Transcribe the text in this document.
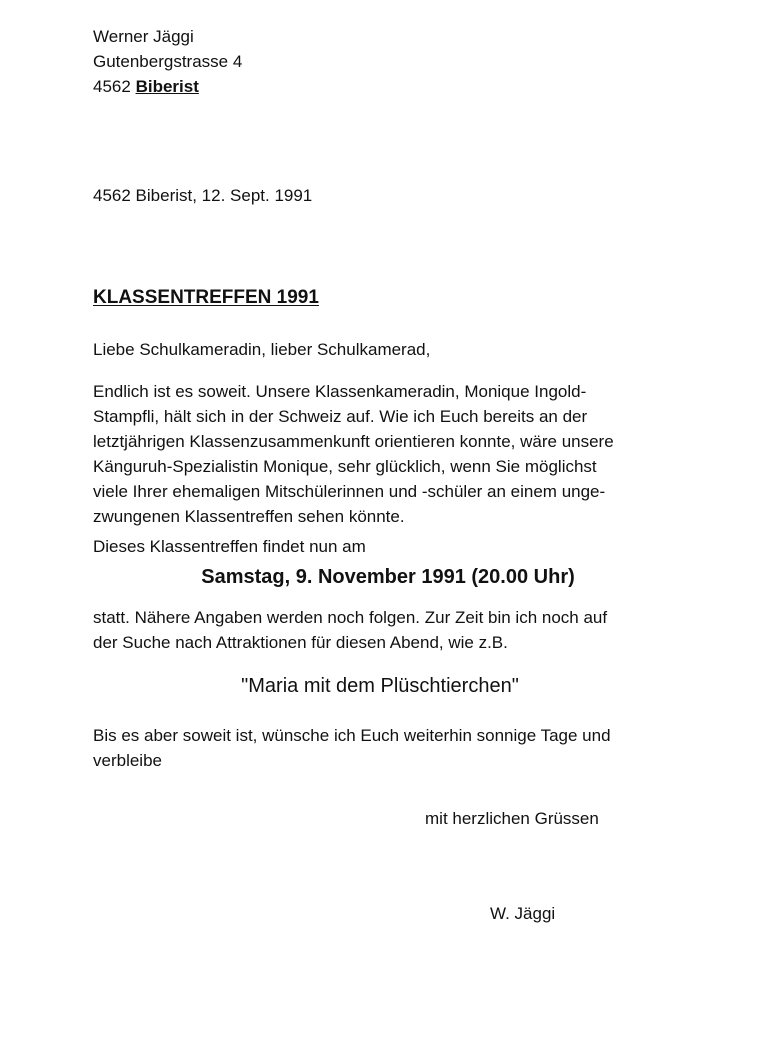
Werner Jäggi
Gutenbergstrasse 4
4562 Biberist
4562 Biberist, 12. Sept. 1991
KLASSENTREFFEN 1991
Liebe Schulkameradin, lieber Schulkamerad,
Endlich ist es soweit. Unsere Klassenkameradin, Monique Ingold-
Stampfli, hält sich in der Schweiz auf. Wie ich Euch bereits an der
letztjährigen Klassenzusammenkunft orientieren konnte, wäre unsere
Känguruh-Spezialistin Monique, sehr glücklich, wenn Sie möglichst
viele Ihrer ehemaligen Mitschülerinnen und -schüler an einem unge-
zwungenen Klassentreffen sehen könnte.
Dieses Klassentreffen findet nun am
Samstag, 9. November 1991 (20.00 Uhr)
statt. Nähere Angaben werden noch folgen. Zur Zeit bin ich noch auf
der Suche nach Attraktionen für diesen Abend, wie z.B.
"Maria mit dem Plüschtierchen"
Bis es aber soweit ist, wünsche ich Euch weiterhin sonnige Tage und
verbleibe
mit herzlichen Grüssen
W. Jäggi
